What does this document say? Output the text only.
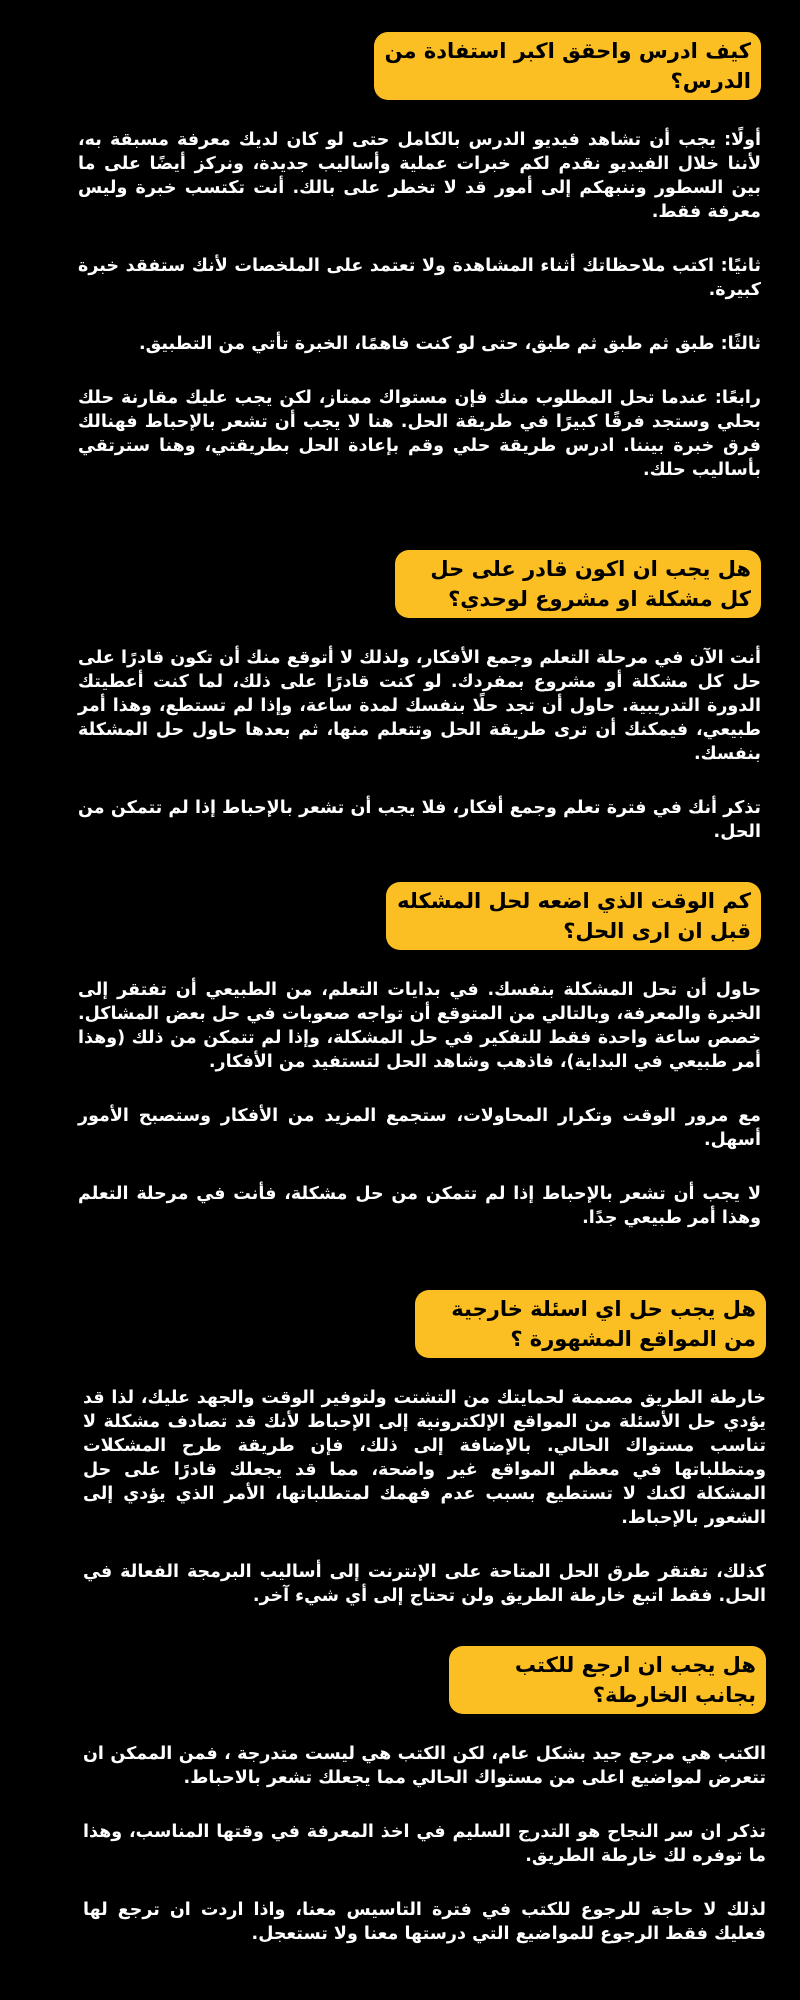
كيف ادرس واحقق اكبر استفادة من الدرس؟

أولًا: يجب أن تشاهد فيديو الدرس بالكامل حتى لو كان لديك معرفة مسبقة به، لأننا خلال الفيديو نقدم لكم خبرات عملية وأساليب جديدة، ونركز أيضًا على ما بين السطور وننبهكم إلى أمور قد لا تخطر على بالك. أنت تكتسب خبرة وليس معرفة فقط.

ثانيًا: اكتب ملاحظاتك أثناء المشاهدة ولا تعتمد على الملخصات لأنك ستفقد خبرة كبيرة.

ثالثًا: طبق ثم طبق ثم طبق، حتى لو كنت فاهمًا، الخبرة تأتي من التطبيق.

رابعًا: عندما تحل المطلوب منك فإن مستواك ممتاز، لكن يجب عليك مقارنة حلك بحلي وستجد فرقًا كبيرًا في طريقة الحل. هنا لا يجب أن تشعر بالإحباط فهنالك فرق خبرة بيننا. ادرس طريقة حلي وقم بإعادة الحل بطريقتي، وهنا سترتقي بأساليب حلك.

هل يجب ان اكون قادر على حل كل مشكلة او مشروع لوحدي؟

أنت الآن في مرحلة التعلم وجمع الأفكار، ولذلك لا أتوقع منك أن تكون قادرًا على حل كل مشكلة أو مشروع بمفردك. لو كنت قادرًا على ذلك، لما كنت أعطيتك الدورة التدريبية. حاول أن تجد حلًا بنفسك لمدة ساعة، وإذا لم تستطع، وهذا أمر طبيعي، فيمكنك أن ترى طريقة الحل وتتعلم منها، ثم بعدها حاول حل المشكلة بنفسك.

تذكر أنك في فترة تعلم وجمع أفكار، فلا يجب أن تشعر بالإحباط إذا لم تتمكن من الحل.

كم الوقت الذي اضعه لحل المشكله قبل ان ارى الحل؟

حاول أن تحل المشكلة بنفسك. في بدايات التعلم، من الطبيعي أن تفتقر إلى الخبرة والمعرفة، وبالتالي من المتوقع أن تواجه صعوبات في حل بعض المشاكل. خصص ساعة واحدة فقط للتفكير في حل المشكلة، وإذا لم تتمكن من ذلك (وهذا أمر طبيعي في البداية)، فاذهب وشاهد الحل لتستفيد من الأفكار.

مع مرور الوقت وتكرار المحاولات، ستجمع المزيد من الأفكار وستصبح الأمور أسهل.

لا يجب أن تشعر بالإحباط إذا لم تتمكن من حل مشكلة، فأنت في مرحلة التعلم وهذا أمر طبيعي جدًا.

هل يجب حل اي اسئلة خارجية من المواقع المشهورة ؟

خارطة الطريق مصممة لحمايتك من التشتت ولتوفير الوقت والجهد عليك، لذا قد يؤدي حل الأسئلة من المواقع الإلكترونية إلى الإحباط لأنك قد تصادف مشكلة لا تناسب مستواك الحالي. بالإضافة إلى ذلك، فإن طريقة طرح المشكلات ومتطلباتها في معظم المواقع غير واضحة، مما قد يجعلك قادرًا على حل المشكلة لكنك لا تستطيع بسبب عدم فهمك لمتطلباتها، الأمر الذي يؤدي إلى الشعور بالإحباط.

كذلك، تفتقر طرق الحل المتاحة على الإنترنت إلى أساليب البرمجة الفعالة في الحل. فقط اتبع خارطة الطريق ولن تحتاج إلى أي شيء آخر.

هل يجب ان ارجع للكتب بجانب الخارطة؟

الكتب هي مرجع جيد بشكل عام، لكن الكتب هي ليست متدرجة ، فمن الممكن ان تتعرض لمواضيع اعلى من مستواك الحالي مما يجعلك تشعر بالاحباط.

تذكر ان سر النجاح هو التدرج السليم في اخذ المعرفة في وقتها المناسب، وهذا ما توفره لك خارطة الطريق.

لذلك لا حاجة للرجوع للكتب في فترة التاسيس معنا، واذا اردت ان ترجع لها فعليك فقط الرجوع للمواضيع التي درستها معنا ولا تستعجل.
